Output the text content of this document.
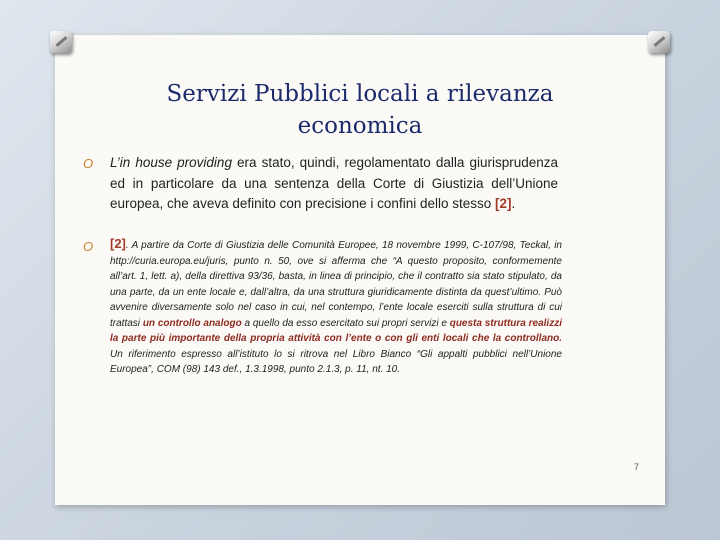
Servizi Pubblici locali a rilevanza
economica
O L’in house providing era stato, quindi, regolamentato dalla giurisprudenza ed in particolare da una sentenza della Corte di Giustizia dell’Unione europea, che aveva definito con precisione i confini dello stesso [2].
O [2]. A partire da Corte di Giustizia delle Comunità Europee, 18 novembre 1999, C-107/98, Teckal, in http://curia.europa.eu/juris, punto n. 50, ove si afferma che “A questo proposito, conformemente all’art. 1, lett. a), della direttiva 93/36, basta, in linea di principio, che il contratto sia stato stipulato, da una parte, da un ente locale e, dall’altra, da una struttura giuridicamente distinta da quest’ultimo. Può avvenire diversamente solo nel caso in cui, nel contempo, l’ente locale eserciti sulla struttura di cui trattasi un controllo analogo a quello da esso esercitato sui propri servizi e questa struttura realizzi la parte più importante della propria attività con l’ente o con gli enti locali che la controllano. Un riferimento espresso all’istituto lo si ritrova nel Libro Bianco “Gli appalti pubblici nell’Unione Europea”, COM (98) 143 def., 1.3.1998, punto 2.1.3, p. 11, nt. 10.
7
